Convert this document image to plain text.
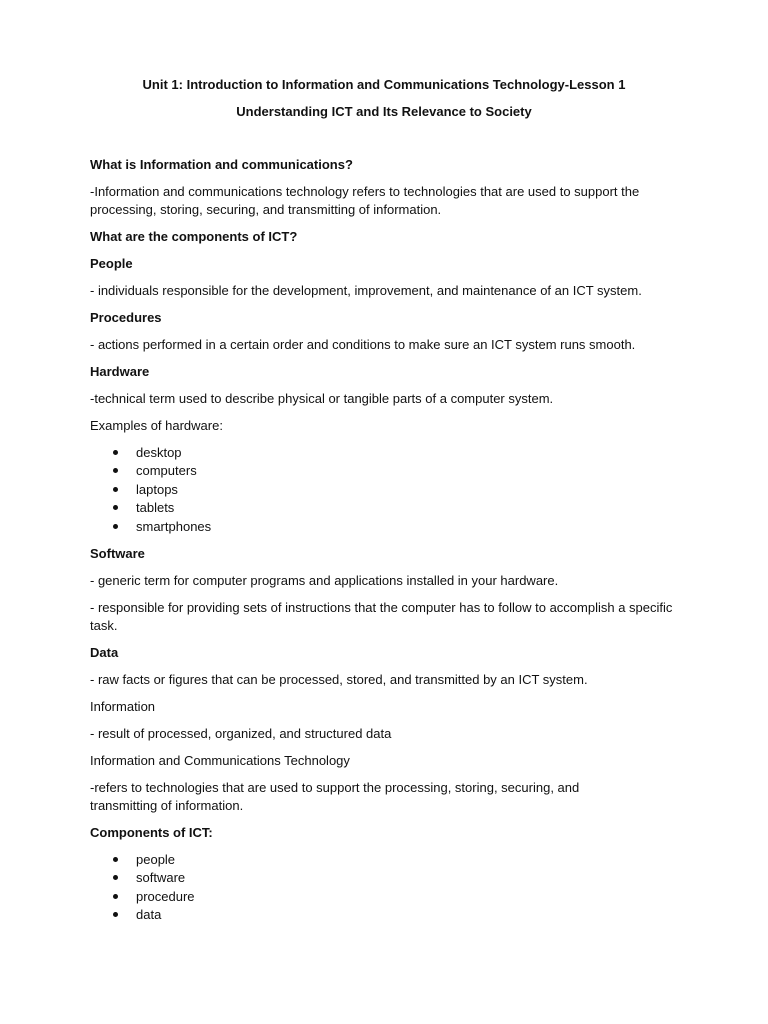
Unit 1: Introduction to Information and Communications Technology-Lesson 1

Understanding ICT and Its Relevance to Society

What is Information and communications?

-Information and communications technology refers to technologies that are used to support the processing, storing, securing, and transmitting of information.

What are the components of ICT?

People

- individuals responsible for the development, improvement, and maintenance of an ICT system.

Procedures

- actions performed in a certain order and conditions to make sure an ICT system runs smooth.

Hardware

-technical term used to describe physical or tangible parts of a computer system.

Examples of hardware:

desktop
computers
laptops
tablets
smartphones

Software

- generic term for computer programs and applications installed in your hardware.

- responsible for providing sets of instructions that the computer has to follow to accomplish a specific task.

Data

- raw facts or figures that can be processed, stored, and transmitted by an ICT system.

Information

- result of processed, organized, and structured data

Information and Communications Technology

-refers to technologies that are used to support the processing, storing, securing, and transmitting of information.

Components of ICT:

people
software
procedure
data
